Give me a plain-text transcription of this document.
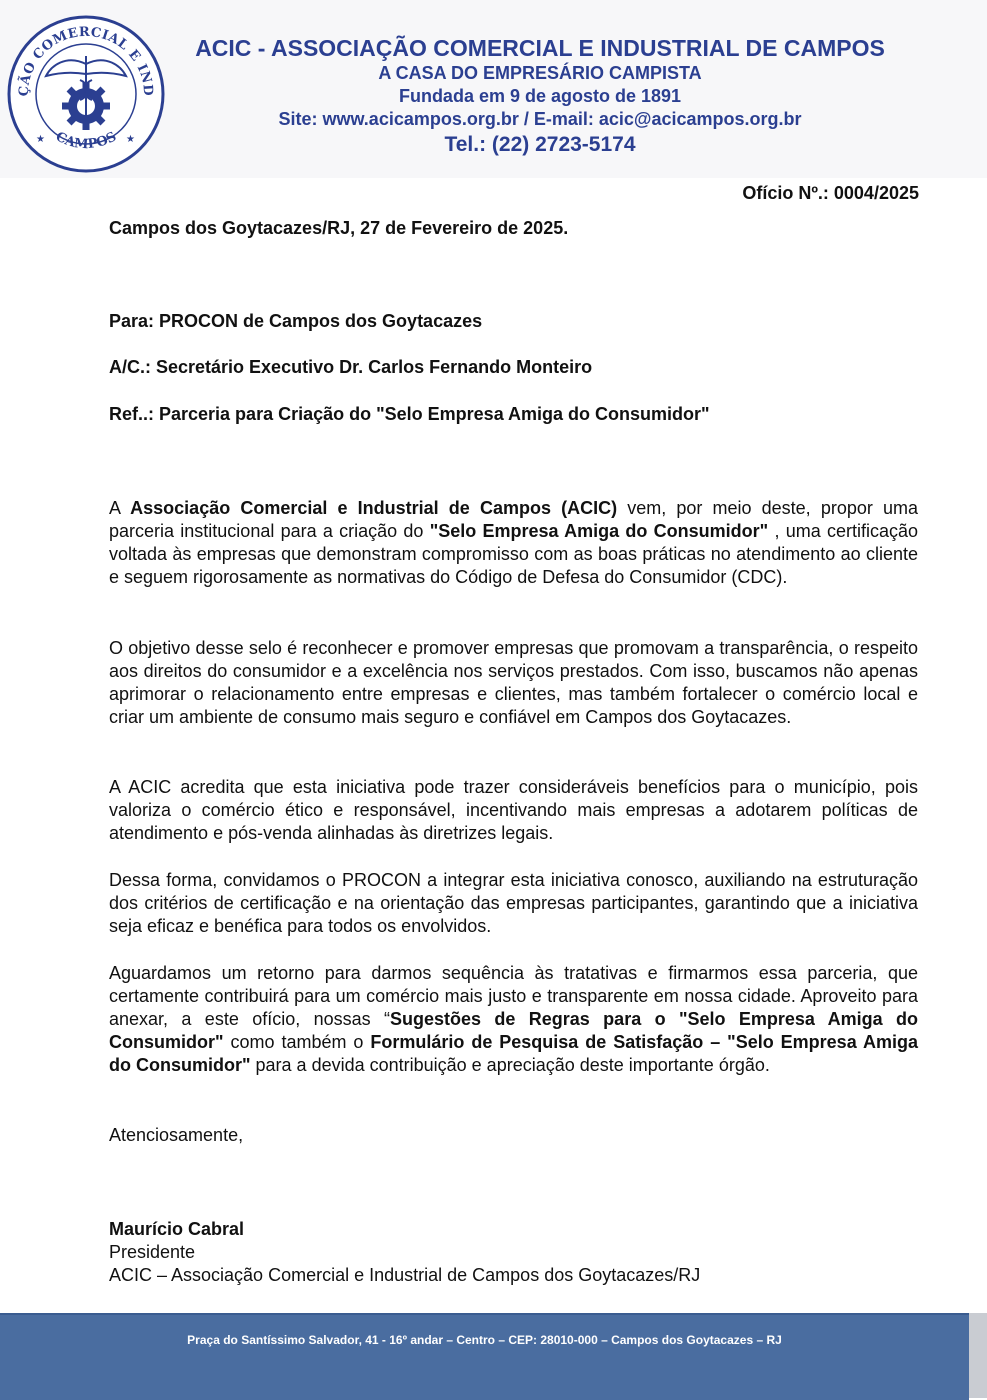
ÇÃO COMERCIAL E IND
CAMPOS
★	★
ACIC - ASSOCIAÇÃO COMERCIAL E INDUSTRIAL DE CAMPOS
A CASA DO EMPRESÁRIO CAMPISTA
Fundada em 9 de agosto de 1891
Site: www.acicampos.org.br / E-mail: acic@acicampos.org.br
Tel.: (22) 2723-5174
Ofício Nº.: 0004/2025
Campos dos Goytacazes/RJ, 27 de Fevereiro de 2025.
Para: PROCON de Campos dos Goytacazes
A/C.: Secretário Executivo Dr. Carlos Fernando Monteiro
Ref..: Parceria para Criação do "Selo Empresa Amiga do Consumidor"

A Associação Comercial e Industrial de Campos (ACIC) vem, por meio deste, propor uma parceria institucional para a criação do "Selo Empresa Amiga do Consumidor" , uma certificação voltada às empresas que demonstram compromisso com as boas práticas no atendimento ao cliente e seguem rigorosamente as normativas do Código de Defesa do Consumidor (CDC).

O objetivo desse selo é reconhecer e promover empresas que promovam a transparência, o respeito aos direitos do consumidor e a excelência nos serviços prestados. Com isso, buscamos não apenas aprimorar o relacionamento entre empresas e clientes, mas também fortalecer o comércio local e criar um ambiente de consumo mais seguro e confiável em Campos dos Goytacazes.

A ACIC acredita que esta iniciativa pode trazer consideráveis benefícios para o município, pois valoriza o comércio ético e responsável, incentivando mais empresas a adotarem políticas de atendimento e pós-venda alinhadas às diretrizes legais.

Dessa forma, convidamos o PROCON a integrar esta iniciativa conosco, auxiliando na estruturação dos critérios de certificação e na orientação das empresas participantes, garantindo que a iniciativa seja eficaz e benéfica para todos os envolvidos.

Aguardamos um retorno para darmos sequência às tratativas e firmarmos essa parceria, que certamente contribuirá para um comércio mais justo e transparente em nossa cidade. Aproveito para anexar, a este ofício, nossas “Sugestões de Regras para o "Selo Empresa Amiga do Consumidor" como também o Formulário de Pesquisa de Satisfação – "Selo Empresa Amiga do Consumidor" para a devida contribuição e apreciação deste importante órgão.

Atenciosamente,

Maurício Cabral
Presidente
ACIC – Associação Comercial e Industrial de Campos dos Goytacazes/RJ
Praça do Santíssimo Salvador, 41 - 16º andar – Centro – CEP: 28010-000 – Campos dos Goytacazes – RJ
